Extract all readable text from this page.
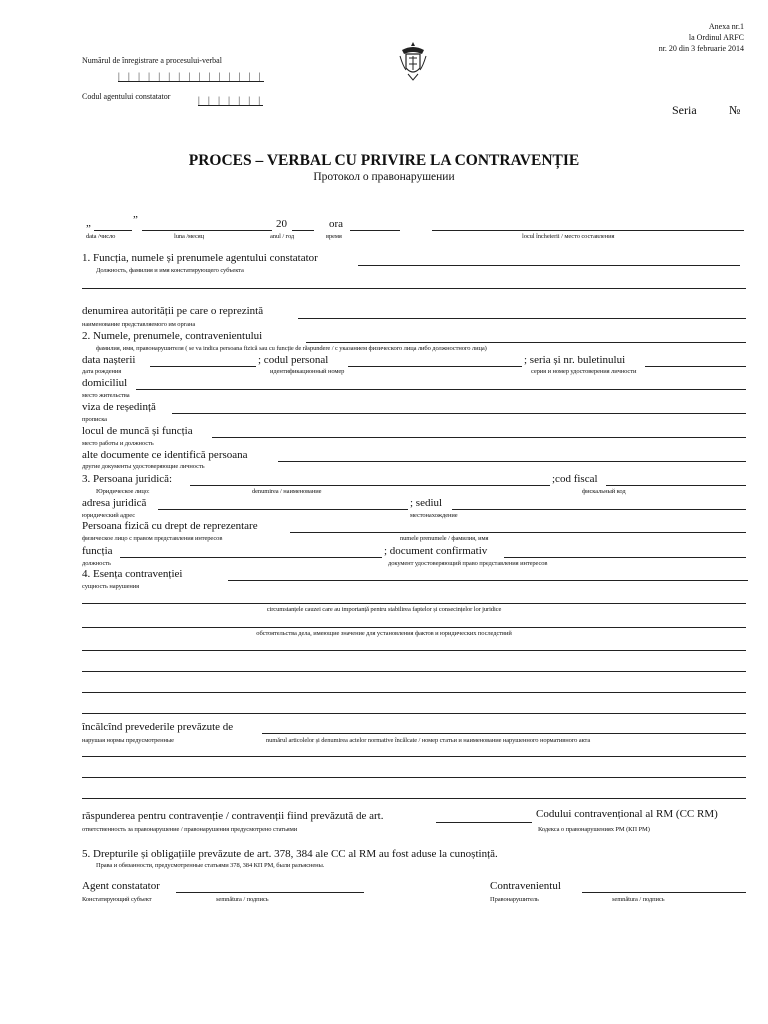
Anexa nr.1
la Ordinul ARFC
nr. 20 din 3 februarie 2014
Numărul de înregistrare a procesului-verbal
| | | | | | | | | | | | | | |
Codul agentului constatator	| | | | | | |
Seria	№
PROCES – VERBAL CU PRIVIRE LA CONTRAVENȚIE
Протокол о правонарушении
„	”	20	ora
data /число	luna /месяц	anul / год	время	locul încheierii / место составления
1. Funcția, numele și prenumele agentului constatator
Должность, фамилия и имя констатирующего субъекта
denumirea autorității pe care o reprezintă
наименование представляемого им органа
2. Numele, prenumele, contravenientului
фамилия, имя, правонарушителя ( se va indica persoana fizică sau cu funcție de răspundere / с указанием физического лица либо должностного лица)
data nașterii	; codul personal	; seria și nr. buletinului
дата рождения	идентификационный номер	серия и номер удостоверения личности
domiciliul
место жительства
viza de reședință
прописка
locul de muncă și funcția
место работы и должность
alte documente ce identifică persoana
другие документы удостоверяющие личность
3. Persoana juridică:	;cod fiscal
Юридическое лицо:	denumirea / наименование	фискальный код
adresa juridică	; sediul
юридический адрес	местонахождение
Persoana fizică cu drept de reprezentare
физическое лицо с правом представления интересов	numele prenumele / фамилия, имя
funcția	; document confirmativ
должность	документ удостоверяющий право представления интересов
4. Esența contravenției
сущность нарушения
circumstanțele cauzei care au importanță pentru stabilirea faptelor și consecințelor lor juridice
обстоятельства дела, имеющие значение для установления фактов и юридических последствий
încălcînd prevederile prevăzute de
нарушая нормы предусмотренные	numărul articolelor și denumirea actelor normative încălcate / номер статьи и наименование нарушенного нормативного акта
răspunderea pentru contravenție / contravenții fiind prevăzută de art.	Codului contravențional al RM (CC RM)
ответственность за правонарушение / правонарушения предусмотрено статьями	Кодекса о правонарушениях РМ (КП РМ)
5. Drepturile și obligațiile prevăzute de art. 378, 384 ale CC al RM au fost aduse la cunoștință.
Права и обязанности, предусмотренные статьями 378, 384 КП РМ, были разъяснены.
Agent constatator
Констатирующий субъект	semnătura / подпись
Contravenientul
Правонарушитель	semnătura / подпись
